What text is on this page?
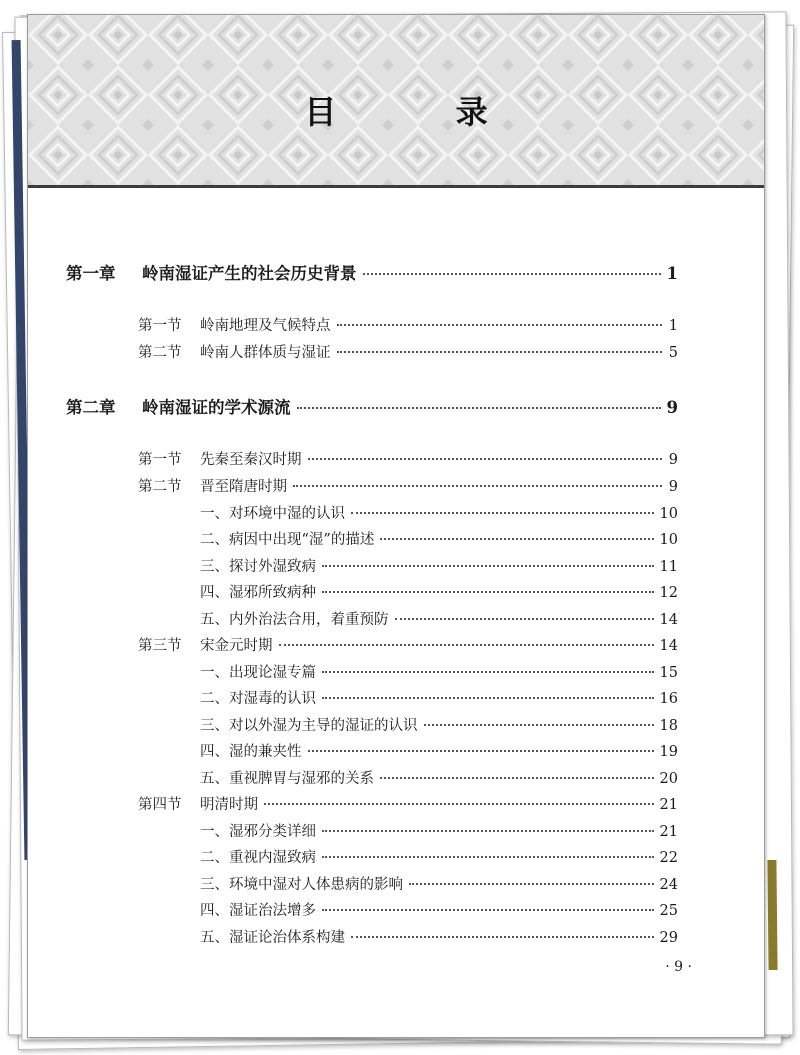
目 录
第一章	岭南湿证产生的社会历史背景	1
第一节	岭南地理及气候特点	1
第二节	岭南人群体质与湿证	5
第二章	岭南湿证的学术源流	9
第一节	先秦至秦汉时期	9
第二节	晋至隋唐时期	9
一、对环境中湿的认识	10
二、病因中出现“湿”的描述	10
三、探讨外湿致病	11
四、湿邪所致病种	12
五、内外治法合用，着重预防	14
第三节	宋金元时期	14
一、出现论湿专篇	15
二、对湿毒的认识	16
三、对以外湿为主导的湿证的认识	18
四、湿的兼夹性	19
五、重视脾胃与湿邪的关系	20
第四节	明清时期	21
一、湿邪分类详细	21
二、重视内湿致病	22
三、环境中湿对人体患病的影响	24
四、湿证治法增多	25
五、湿证论治体系构建	29
· 9 ·
